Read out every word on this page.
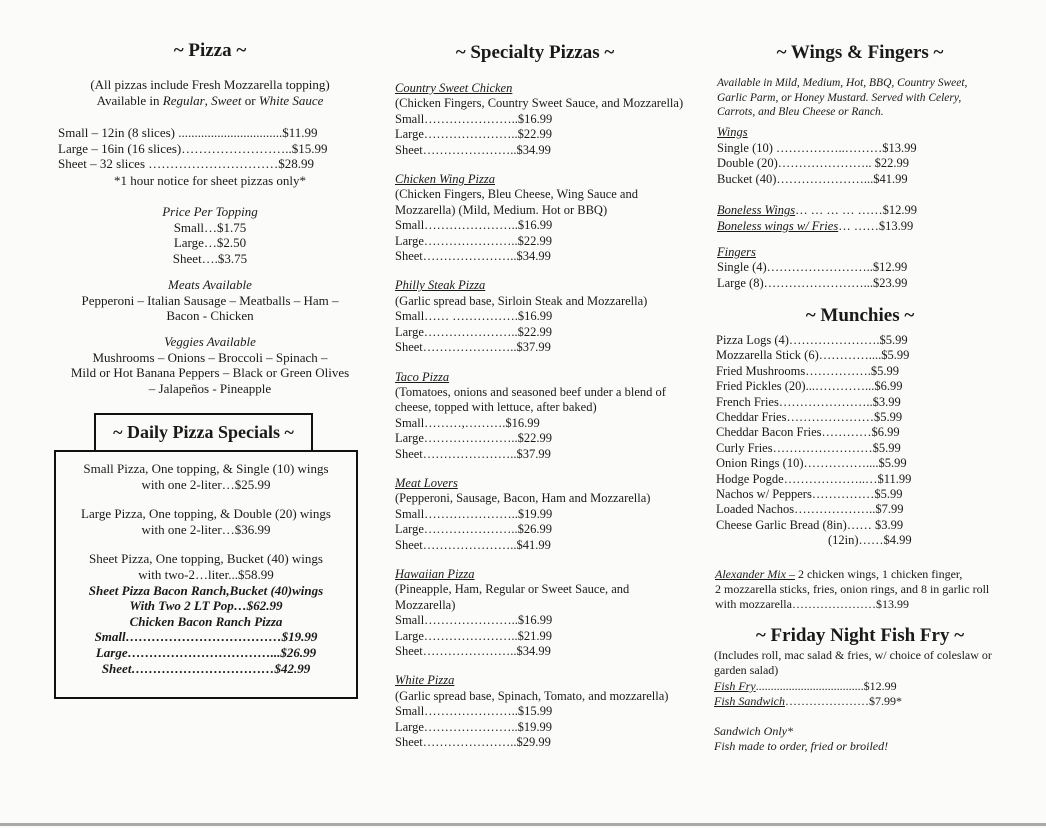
~ Pizza ~
(All pizzas include Fresh Mozzarella topping)
Available in Regular, Sweet or White Sauce
Small – 12in (8 slices) ................................$11.99
Large – 16in (16 slices)……………………..$15.99
Sheet – 32 slices …………………………$28.99
*1 hour notice for sheet pizzas only*
Price Per Topping
Small…$1.75
Large…$2.50
Sheet….$3.75
Meats Available
Pepperoni – Italian Sausage – Meatballs – Ham –
Bacon - Chicken
Veggies Available
Mushrooms – Onions – Broccoli – Spinach –
Mild or Hot Banana Peppers – Black or Green Olives
– Jalapeños - Pineapple
~ Daily Pizza Specials ~
Small Pizza, One topping, & Single (10) wings
with one 2-liter…$25.99
Large Pizza, One topping, & Double (20) wings
with one 2-liter…$36.99
Sheet Pizza, One topping, Bucket (40) wings
with two-2…liter...$58.99
Sheet Pizza Bacon Ranch,Bucket (40)wings
With Two 2 LT Pop…$62.99
Chicken Bacon Ranch Pizza
Small………………………………$19.99
Large……………………………...$26.99
Sheet……………………………$42.99
~ Specialty Pizzas ~
Country Sweet Chicken
(Chicken Fingers, Country Sweet Sauce, and Mozzarella)
Small…………………..$16.99
Large…………………..$22.99
Sheet…………………..$34.99
Chicken Wing Pizza
(Chicken Fingers, Bleu Cheese, Wing Sauce and
Mozzarella) (Mild, Medium. Hot or BBQ)
Small…………………..$16.99
Large…………………..$22.99
Sheet…………………..$34.99
Philly Steak Pizza
(Garlic spread base, Sirloin Steak and Mozzarella)
Small…… …………….$16.99
Large…………………..$22.99
Sheet…………………..$37.99
Taco Pizza
(Tomatoes, onions and seasoned beef under a blend of
cheese, topped with lettuce, after baked)
Small………,……….$16.99
Large…………………..$22.99
Sheet…………………..$37.99
Meat Lovers
(Pepperoni, Sausage, Bacon, Ham and Mozzarella)
Small…………………..$19.99
Large…………………..$26.99
Sheet…………………..$41.99
Hawaiian Pizza
(Pineapple, Ham, Regular or Sweet Sauce, and
Mozzarella)
Small…………………..$16.99
Large…………………..$21.99
Sheet…………………..$34.99
White Pizza
(Garlic spread base, Spinach, Tomato, and mozzarella)
Small…………………..$15.99
Large…………………..$19.99
Sheet…………………..$29.99
~ Wings & Fingers ~
Available in Mild, Medium, Hot, BBQ, Country Sweet,
Garlic Parm, or Honey Mustard. Served with Celery,
Carrots, and Bleu Cheese or Ranch.
Wings
Single (10) ……………..………$13.99
Double (20)………………….. $22.99
Bucket (40)…………………...$41.99
Boneless Wings… … … … ……$12.99
Boneless wings w/ Fries… ……$13.99
Fingers
Single (4)……………………..$12.99
Large (8)……………………...$23.99
~ Munchies ~
Pizza Logs (4)………………….$5.99
Mozzarella Stick (6)…………....$5.99
Fried Mushrooms…………….$5.99
Fried Pickles (20)...…………...$6.99
French Fries…………………..$3.99
Cheddar Fries…………………$5.99
Cheddar Bacon Fries…………$6.99
Curly Fries……………………$5.99
Onion Rings (10)……………....$5.99
Hodge Pogde………………..…$11.99
Nachos w/ Peppers……………$5.99
Loaded Nachos………………..$7.99
Cheese Garlic Bread (8in)…… $3.99
(12in)……$4.99
Alexander Mix – 2 chicken wings, 1 chicken finger,
2 mozzarella sticks, fries, onion rings, and 8 in garlic roll
with mozzarella…………………$13.99
~ Friday Night Fish Fry ~
(Includes roll, mac salad & fries, w/ choice of coleslaw or
garden salad)
Fish Fry....................................$12.99
Fish Sandwich…………………$7.99*
Sandwich Only*
Fish made to order, fried or broiled!
